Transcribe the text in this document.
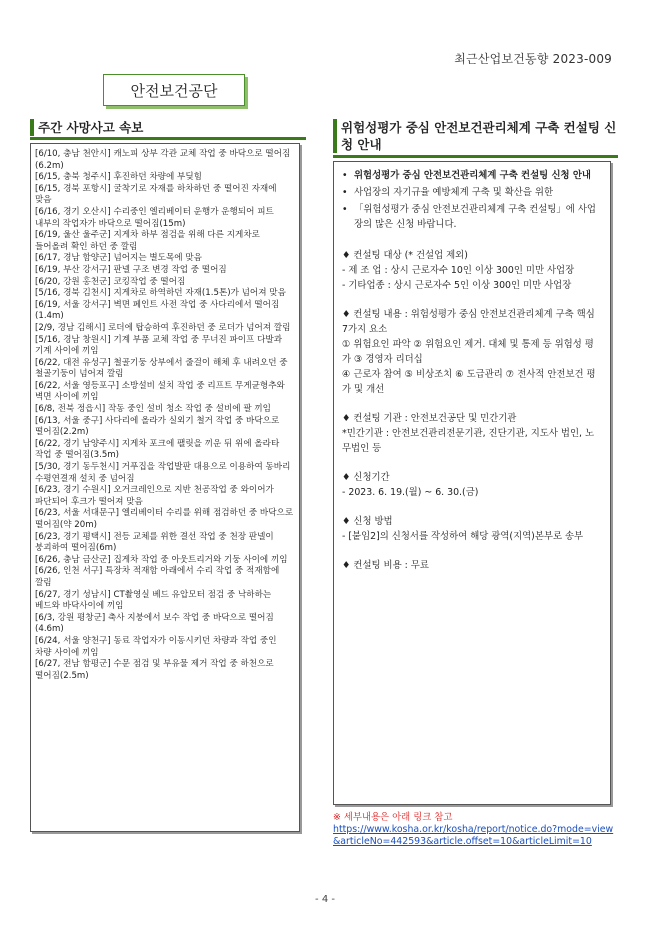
최근산업보건동향 2023-009
안전보건공단
주간 사망사고 속보	위험성평가 중심 안전보건관리체계 구축 컨설팅 신청 안내
[6/10, 충남 천안시] 캐노피 상부 각관 교체 작업 중 바닥으로 떨어짐(6.2m)
[6/15, 충북 청주시] 후진하던 차량에 부딪힘
[6/15, 경북 포항시] 굴착기로 자재를 하차하던 중 떨어진 자재에 맞음
[6/16, 경기 오산시] 수리중인 엘리베이터 운행가 운행되어 피트 내부의 작업자가 바닥으로 떨어짐(15m)
[6/19, 울산 울주군] 지게차 하부 점검을 위해 다른 지게차로 들어올려 확인 하던 중 깔림
[6/17, 경남 함양군] 넘어지는 별도목에 맞음
[6/19, 부산 강서구] 판넬 구조 변경 작업 중 떨어짐
[6/20, 강원 홍천군] 코킹작업 중 떨어짐
[5/16, 경북 김천시] 지게차로 하역하던 자재(1.5톤)가 넘어져 맞음
[6/19, 서울 강서구] 벽면 페인트 사전 작업 중 사다리에서 떨어짐(1.4m)
[2/9, 경남 김해시] 로더에 탑승하여 후진하던 중 로더가 넘어져 깔림
[5/16, 경남 창원시] 기계 부품 교체 작업 중 무너진 파이프 다발과 기계 사이에 끼임
[6/22, 대전 유성구] 철골기둥 상부에서 줄걸이 해체 후 내려오던 중 철골기둥이 넘어져 깔림
[6/22, 서울 영등포구] 소방설비 설치 작업 중 리프트 무게균형추와 벽면 사이에 끼임
[6/8, 전북 정읍시] 작동 중인 설비 청소 작업 중 설비에 팔 끼임
[6/13, 서울 중구] 사다리에 올라가 실외기 철거 작업 중 바닥으로 떨어짐(2.2m)
[6/22, 경기 남양주시] 지게차 포크에 팰릿을 끼운 뒤 위에 올라타 작업 중 떨어짐(3.5m)
[5/30, 경기 동두천시] 거푸집을 작업발판 대용으로 이용하여 동바리 수평연결재 설치 중 넘어짐
[6/23, 경기 수원시] 오거크레인으로 지반 천공작업 중 와이어가 파단되어 후크가 떨어져 맞음
[6/23, 서울 서대문구] 엘리베이터 수리를 위해 점검하던 중 바닥으로 떨어짐(약 20m)
[6/23, 경기 평택시] 전등 교체를 위한 결선 작업 중 천장 판넬이 붕괴하여 떨어짐(6m)
[6/26, 충남 금산군] 집게차 작업 중 아웃트리거와 기둥 사이에 끼임
[6/26, 인천 서구] 특장차 적재함 아래에서 수리 작업 중 적재함에 깔림
[6/27, 경기 성남시] CT촬영실 베드 유압모터 점검 중 낙하하는 베드와 바닥사이에 끼임
[6/3, 강원 평창군] 축사 지붕에서 보수 작업 중 바닥으로 떨어짐(4.6m)
[6/24, 서울 양천구] 동료 작업자가 이동시키던 차량과 작업 중인 차량 사이에 끼임
[6/27, 전남 함평군] 수문 점검 및 부유물 제거 작업 중 하천으로 떨어짐(2.5m)
• 위험성평가 중심 안전보건관리체계 구축 컨설팅 신청 안내
• 사업장의 자기규율 예방체계 구축 및 확산을 위한
• 「위험성평가 중심 안전보건관리체계 구축 컨설팅」에 사업장의 많은 신청 바랍니다.

♦ 컨설팅 대상 (* 건설업 제외)

- 제 조 업 : 상시 근로자수 10인 이상 300인 미만 사업장

- 기타업종 : 상시 근로자수 5인 이상 300인 미만 사업장

♦ 컨설팅 내용 : 위험성평가 중심 안전보건관리체계 구축 핵심 7가지 요소

① 위험요인 파악 ② 위험요인 제거. 대체 및 통제 등 위험성 평가 ③ 경영자 리더십

④ 근로자 참여 ⑤ 비상조치 ⑥ 도급관리 ⑦ 전사적 안전보건 평가 및 개선

♦ 컨설팅 기관 : 안전보건공단 및 민간기관

*민간기관 : 안전보건관리전문기관, 진단기관, 지도사 법인, 노무법인 등

♦ 신청기간

- 2023. 6. 19.(월) ~ 6. 30.(금)

♦ 신청 방법

- [붙임2]의 신청서를 작성하여 해당 광역(지역)본부로 송부

♦ 컨설팅 비용 : 무료

※ 세부내용은 아래 링크 참고
https://www.kosha.or.kr/kosha/report/notice.do?mode=view&articleNo=442593&article.offset=10&articleLimit=10
- 4 -
